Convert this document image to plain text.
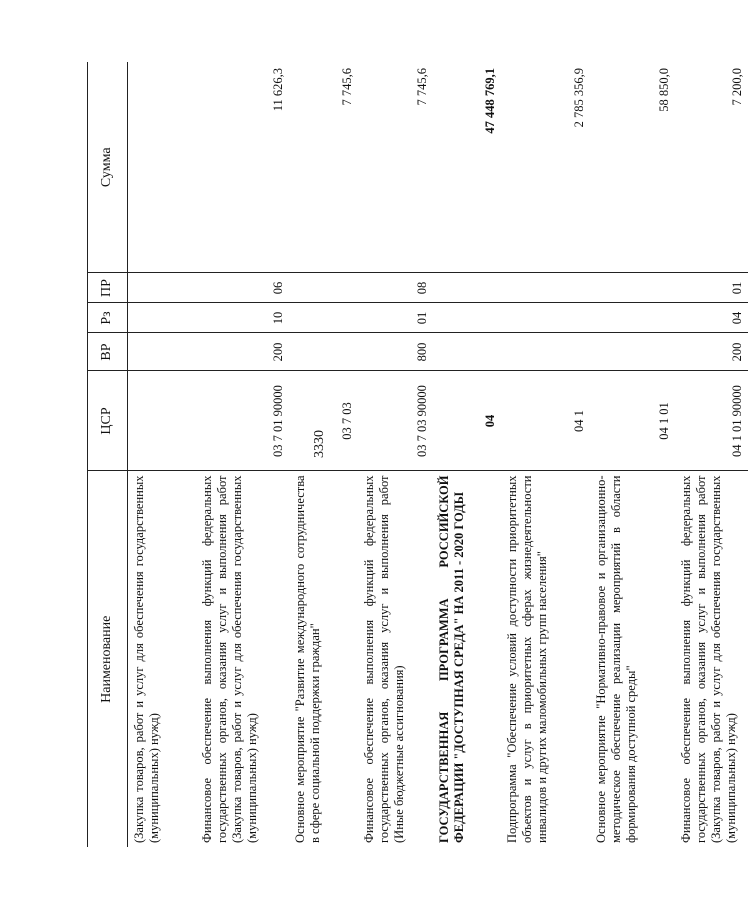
3330
Наименование	ЦСР	ВР	Рз	ПР	Сумма
(Закупка товаров, работ и услуг для обеспечения государственных (муниципальных) нужд)					
Финансовое обеспечение выполнения функций федеральных государственных органов, оказания услуг и выполнения работ (Закупка товаров, работ и услуг для обеспечения государственных (муниципальных) нужд)	03 7 01 90000	200	10	06	11 626,3
Основное мероприятие "Развитие международного сотрудничества в сфере социальной поддержки граждан"	03 7 03				7 745,6
Финансовое обеспечение выполнения функций федеральных государственных органов, оказания услуг и выполнения работ (Иные бюджетные ассигнования)	03 7 03 90000	800	01	08	7 745,6
ГОСУДАРСТВЕННАЯ ПРОГРАММА РОССИЙСКОЙ ФЕДЕРАЦИИ "ДОСТУПНАЯ СРЕДА" НА 2011 - 2020 ГОДЫ	04				47 448 769,1
Подпрограмма "Обеспечение условий доступности приоритетных объектов и услуг в приоритетных сферах жизнедеятельности инвалидов и других маломобильных групп населения"	04 1				2 785 356,9
Основное мероприятие "Нормативно-правовое и организационно-методическое обеспечение реализации мероприятий в области формирования доступной среды"	04 1 01				58 850,0
Финансовое обеспечение выполнения функций федеральных государственных органов, оказания услуг и выполнения работ (Закупка товаров, работ и услуг для обеспечения государственных (муниципальных) нужд)	04 1 01 90000	200	04	01	7 200,0
